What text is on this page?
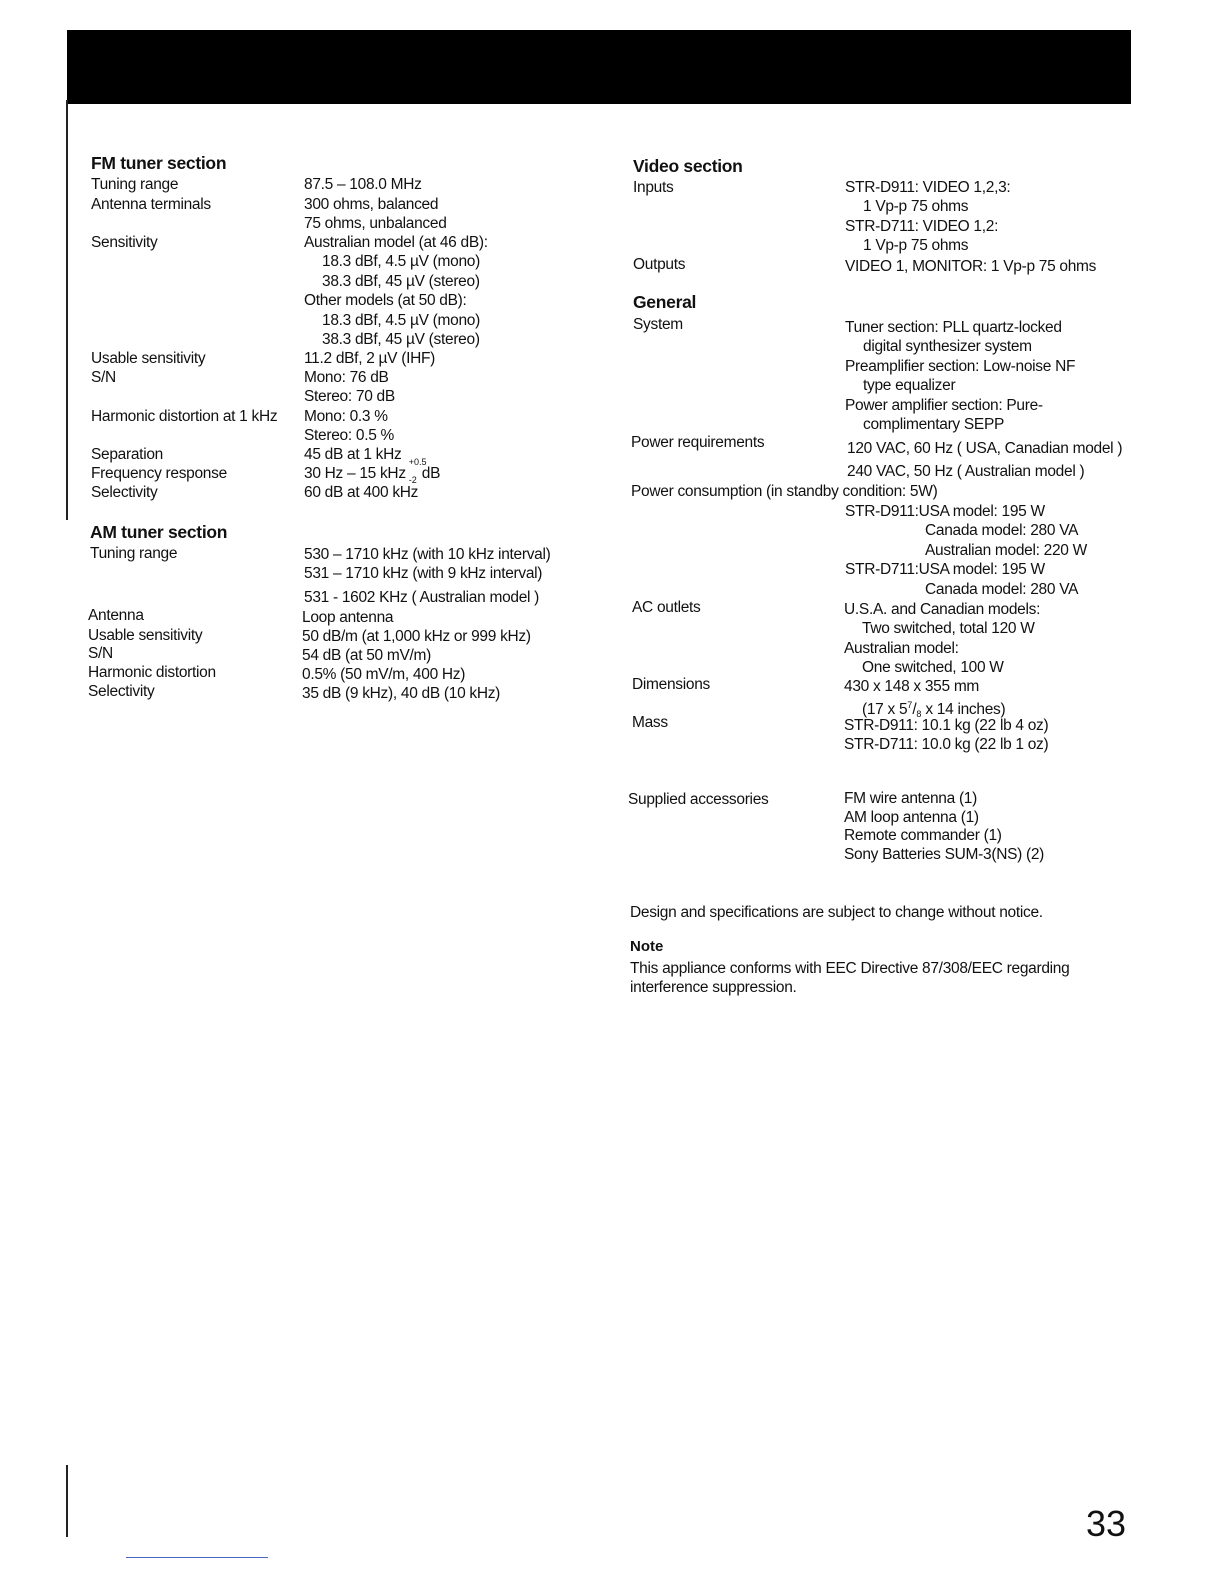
FM tuner section
Tuning range	87.5 – 108.0 MHz
Antenna terminals	300 ohms, balanced
75 ohms, unbalanced
Sensitivity	Australian model (at 46 dB):
18.3 dBf, 4.5 µV (mono)
38.3 dBf, 45 µV (stereo)
Other models (at 50 dB):
18.3 dBf, 4.5 µV (mono)
38.3 dBf, 45 µV (stereo)
Usable sensitivity	11.2 dBf, 2 µV (IHF)
S/N	Mono: 76 dB
Stereo: 70 dB
Harmonic distortion at 1 kHz Mono: 0.3 %
Stereo: 0.5 %
Separation	45 dB at 1 kHz
Frequency response	30 Hz – 15 kHz
+0.5
-2 dB
Selectivity	60 dB at 400 kHz
AM tuner section
Tuning range	530 – 1710 kHz (with 10 kHz interval)
531 – 1710 kHz (with 9 kHz interval)
531 - 1602 KHz ( Australian model )
Antenna	Loop antenna
Usable sensitivity	50 dB/m (at 1,000 kHz or 999 kHz)
S/N	54 dB (at 50 mV/m)
Harmonic distortion	0.5% (50 mV/m, 400 Hz)
Selectivity	35 dB (9 kHz), 40 dB (10 kHz)
Video section
Inputs	STR-D911: VIDEO 1,2,3:
1 Vp-p 75 ohms
STR-D711: VIDEO 1,2:
1 Vp-p 75 ohms
Outputs	VIDEO 1, MONITOR: 1 Vp-p 75 ohms
General
System	Tuner section: PLL quartz-locked
digital synthesizer system
Preamplifier section: Low-noise NF
type equalizer
Power amplifier section: Pure-
complimentary SEPP
Power requirements	120 VAC, 60 Hz ( USA, Canadian model )
240 VAC, 50 Hz ( Australian model )
Power consumption (in standby condition: 5W)
STR-D911:USA model: 195 W
Canada model: 280 VA
Australian model: 220 W
STR-D711:USA model: 195 W
Canada model: 280 VA
AC outlets	U.S.A. and Canadian models:
Two switched, total 120 W
Australian model:
One switched, 100 W
Dimensions	430 x 148 x 355 mm
(17 x $5^7/_8$ x 14 inches)
Mass	STR-D911: 10.1 kg (22 lb 4 oz)
STR-D711: 10.0 kg (22 lb 1 oz)
Supplied accessories	FM wire antenna (1)
AM loop antenna (1)
Remote commander (1)
Sony Batteries SUM-3(NS) (2)
Design and specifications are subject to change without notice.
Note
This appliance conforms with EEC Directive 87/308/EEC regarding
interference suppression.
33
